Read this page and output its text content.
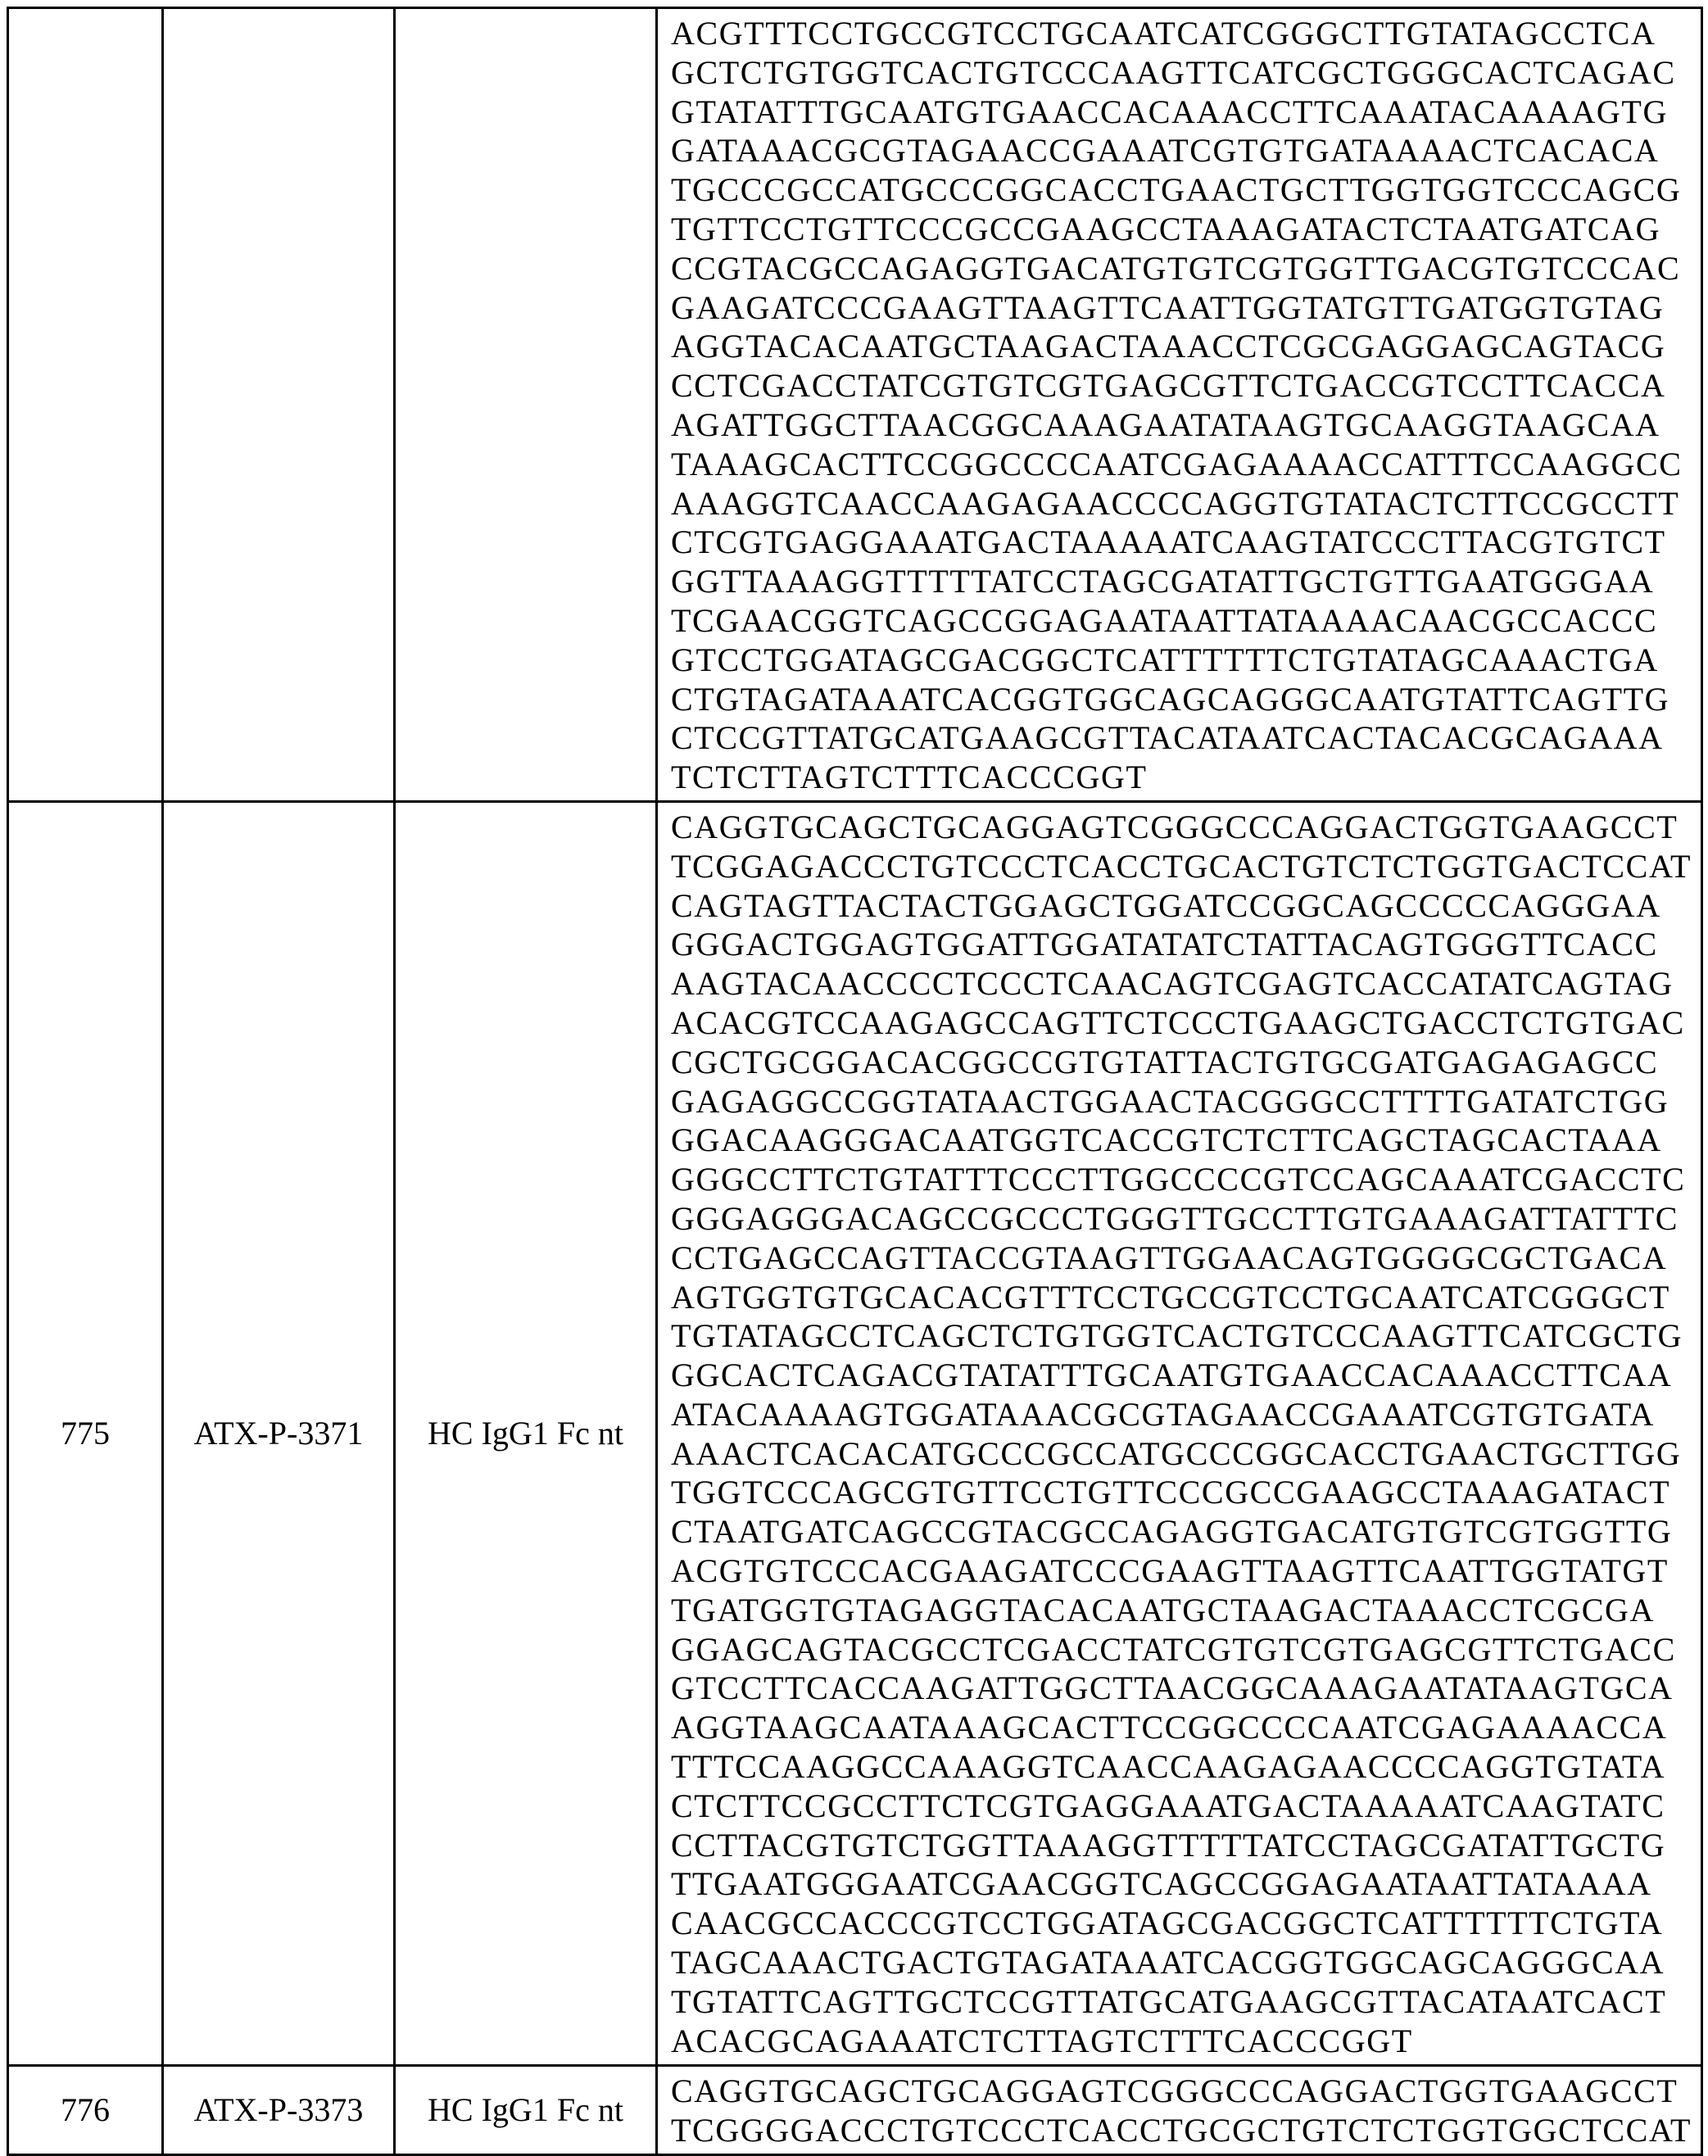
ACGTTTCCTGCCGTCCTGCAATCATCGGGCTTGTATAGCCTCA
GCTCTGTGGTCACTGTCCCAAGTTCATCGCTGGGCACTCAGAC
GTATATTTGCAATGTGAACCACAAACCTTCAAATACAAAAGTG
GATAAACGCGTAGAACCGAAATCGTGTGATAAAACTCACACA
TGCCCGCCATGCCCGGCACCTGAACTGCTTGGTGGTCCCAGCG
TGTTCCTGTTCCCGCCGAAGCCTAAAGATACTCTAATGATCAG
CCGTACGCCAGAGGTGACATGTGTCGTGGTTGACGTGTCCCAC
GAAGATCCCGAAGTTAAGTTCAATTGGTATGTTGATGGTGTAG
AGGTACACAATGCTAAGACTAAACCTCGCGAGGAGCAGTACG
CCTCGACCTATCGTGTCGTGAGCGTTCTGACCGTCCTTCACCA
AGATTGGCTTAACGGCAAAGAATATAAGTGCAAGGTAAGCAA
TAAAGCACTTCCGGCCCCAATCGAGAAAACCATTTCCAAGGCC
AAAGGTCAACCAAGAGAACCCCAGGTGTATACTCTTCCGCCTT
CTCGTGAGGAAATGACTAAAAATCAAGTATCCCTTACGTGTCT
GGTTAAAGGTTTTTATCCTAGCGATATTGCTGTTGAATGGGAA
TCGAACGGTCAGCCGGAGAATAATTATAAAACAACGCCACCC
GTCCTGGATAGCGACGGCTCATTTTTTCTGTATAGCAAACTGA
CTGTAGATAAATCACGGTGGCAGCAGGGCAATGTATTCAGTTG
CTCCGTTATGCATGAAGCGTTACATAATCACTACACGCAGAAA
TCTCTTAGTCTTTCACCCGGT

775	ATX-P-3371	HC IgG1 Fc nt	
CAGGTGCAGCTGCAGGAGTCGGGCCCAGGACTGGTGAAGCCT
TCGGAGACCCTGTCCCTCACCTGCACTGTCTCTGGTGACTCCAT
CAGTAGTTACTACTGGAGCTGGATCCGGCAGCCCCCAGGGAA
GGGACTGGAGTGGATTGGATATATCTATTACAGTGGGTTCACC
AAGTACAACCCCTCCCTCAACAGTCGAGTCACCATATCAGTAG
ACACGTCCAAGAGCCAGTTCTCCCTGAAGCTGACCTCTGTGAC
CGCTGCGGACACGGCCGTGTATTACTGTGCGATGAGAGAGCC
GAGAGGCCGGTATAACTGGAACTACGGGCCTTTTGATATCTGG
GGACAAGGGACAATGGTCACCGTCTCTTCAGCTAGCACTAAA
GGGCCTTCTGTATTTCCCTTGGCCCCGTCCAGCAAATCGACCTC
GGGAGGGACAGCCGCCCTGGGTTGCCTTGTGAAAGATTATTTC
CCTGAGCCAGTTACCGTAAGTTGGAACAGTGGGGCGCTGACA
AGTGGTGTGCACACGTTTCCTGCCGTCCTGCAATCATCGGGCT
TGTATAGCCTCAGCTCTGTGGTCACTGTCCCAAGTTCATCGCTG
GGCACTCAGACGTATATTTGCAATGTGAACCACAAACCTTCAA
ATACAAAAGTGGATAAACGCGTAGAACCGAAATCGTGTGATA
AAACTCACACATGCCCGCCATGCCCGGCACCTGAACTGCTTGG
TGGTCCCAGCGTGTTCCTGTTCCCGCCGAAGCCTAAAGATACT
CTAATGATCAGCCGTACGCCAGAGGTGACATGTGTCGTGGTTG
ACGTGTCCCACGAAGATCCCGAAGTTAAGTTCAATTGGTATGT
TGATGGTGTAGAGGTACACAATGCTAAGACTAAACCTCGCGA
GGAGCAGTACGCCTCGACCTATCGTGTCGTGAGCGTTCTGACC
GTCCTTCACCAAGATTGGCTTAACGGCAAAGAATATAAGTGCA
AGGTAAGCAATAAAGCACTTCCGGCCCCAATCGAGAAAACCA
TTTCCAAGGCCAAAGGTCAACCAAGAGAACCCCAGGTGTATA
CTCTTCCGCCTTCTCGTGAGGAAATGACTAAAAATCAAGTATC
CCTTACGTGTCTGGTTAAAGGTTTTTATCCTAGCGATATTGCTG
TTGAATGGGAATCGAACGGTCAGCCGGAGAATAATTATAAAA
CAACGCCACCCGTCCTGGATAGCGACGGCTCATTTTTTCTGTA
TAGCAAACTGACTGTAGATAAATCACGGTGGCAGCAGGGCAA
TGTATTCAGTTGCTCCGTTATGCATGAAGCGTTACATAATCACT
ACACGCAGAAATCTCTTAGTCTTTCACCCGGT

776	ATX-P-3373	HC IgG1 Fc nt	
CAGGTGCAGCTGCAGGAGTCGGGCCCAGGACTGGTGAAGCCT
TCGGGGACCCTGTCCCTCACCTGCGCTGTCTCTGGTGGCTCCAT
